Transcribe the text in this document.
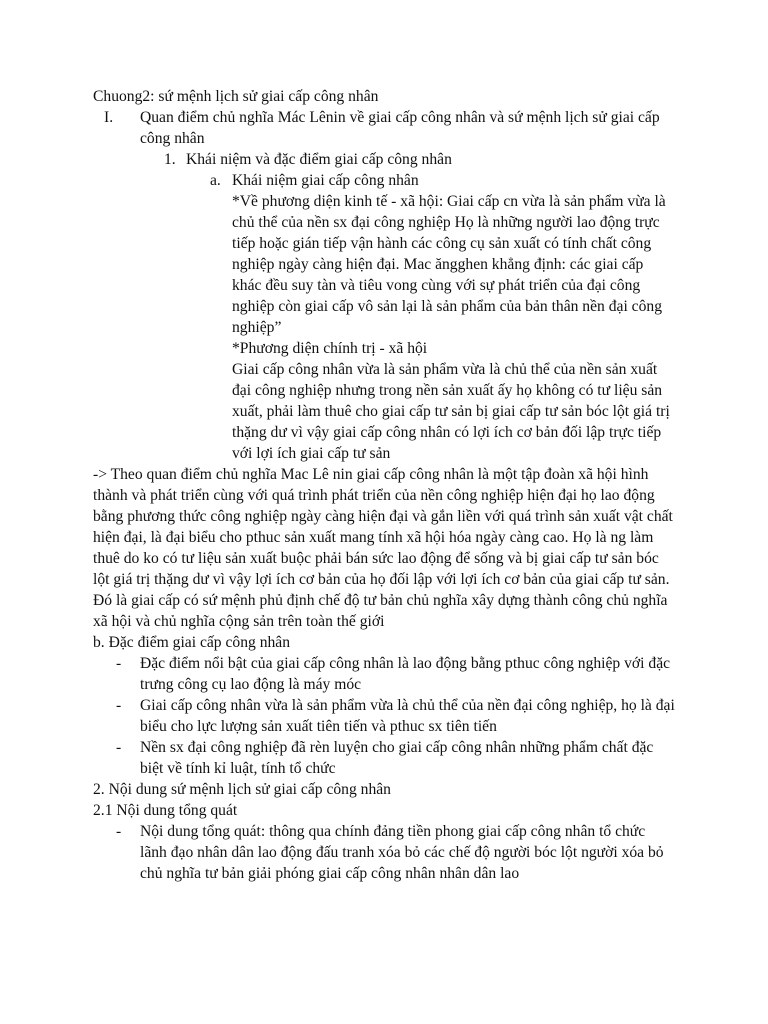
Chuong2: sứ mệnh lịch sử giai cấp công nhân

I. Quan điểm chủ nghĩa Mác Lênin về giai cấp công nhân và sứ mệnh lịch sử giai cấp công nhân
1. Khái niệm và đặc điểm giai cấp công nhân
a. Khái niệm giai cấp công nhân

*Về phương diện kinh tế - xã hội: Giai cấp cn vừa là sản phẩm vừa là chủ thể của nền sx đại công nghiệp Họ là những người lao động trực tiếp hoặc gián tiếp vận hành các công cụ sản xuất có tính chất công nghiệp ngày càng hiện đại. Mac ăngghen khẳng định: các giai cấp khác đều suy tàn và tiêu vong cùng với sự phát triển của đại công nghiệp còn giai cấp vô sản lại là sản phẩm của bản thân nền đại công nghiệp”

*Phương diện chính trị - xã hội

Giai cấp công nhân vừa là sản phẩm vừa là chủ thể của nền sản xuất đại công nghiệp nhưng trong nền sản xuất ấy họ không có tư liệu sản xuất, phải làm thuê cho giai cấp tư sản bị giai cấp tư sản bóc lột giá trị thặng dư vì vậy giai cấp công nhân có lợi ích cơ bản đối lập trực tiếp với lợi ích giai cấp tư sản

-> Theo quan điểm chủ nghĩa Mac Lê nin giai cấp công nhân là một tập đoàn xã hội hình thành và phát triển cùng với quá trình phát triển của nền công nghiệp hiện đại họ lao động bằng phương thức công nghiệp ngày càng hiện đại và gắn liền với quá trình sản xuất vật chất hiện đại, là đại biểu cho pthuc sản xuất mang tính xã hội hóa ngày càng cao. Họ là ng làm thuê do ko có tư liệu sản xuất buộc phải bán sức lao động để sống và bị giai cấp tư sản bóc lột giá trị thặng dư vì vậy lợi ích cơ bản của họ đối lập với lợi ích cơ bản của giai cấp tư sản. Đó là giai cấp có sứ mệnh phủ định chế độ tư bản chủ nghĩa xây dựng thành công chủ nghĩa xã hội và chủ nghĩa cộng sản trên toàn thế giới

b. Đặc điểm giai cấp công nhân

- Đặc điểm nổi bật của giai cấp công nhân là lao động bằng pthuc công nghiệp với đặc trưng công cụ lao động là máy móc
- Giai cấp công nhân vừa là sản phẩm vừa là chủ thể của nền đại công nghiệp, họ là đại biểu cho lực lượng sản xuất tiên tiến và pthuc sx tiên tiến
- Nền sx đại công nghiệp đã rèn luyện cho giai cấp công nhân những phẩm chất đặc biệt về tính kỉ luật, tính tổ chức

2. Nội dung sứ mệnh lịch sử giai cấp công nhân

2.1 Nội dung tổng quát

- Nội dung tổng quát: thông qua chính đảng tiền phong giai cấp công nhân tổ chức lãnh đạo nhân dân lao động đấu tranh xóa bỏ các chế độ người bóc lột người xóa bỏ chủ nghĩa tư bản giải phóng giai cấp công nhân nhân dân lao
